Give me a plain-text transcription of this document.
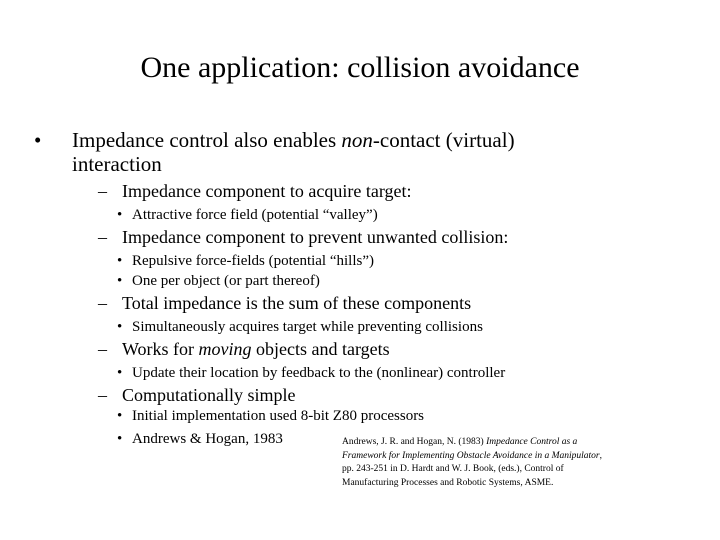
One application: collision avoidance
• Impedance control also enables non-contact (virtual)
interaction
– Impedance component to acquire target:
• Attractive force field (potential “valley”)
– Impedance component to prevent unwanted collision:
• Repulsive force-fields (potential “hills”)
• One per object (or part thereof)
– Total impedance is the sum of these components
• Simultaneously acquires target while preventing collisions
– Works for moving objects and targets
• Update their location by feedback to the (nonlinear) controller
– Computationally simple
• Initial implementation used 8-bit Z80 processors
• Andrews & Hogan, 1983	Andrews, J. R. and Hogan, N. (1983) Impedance Control as a
Framework for Implementing Obstacle Avoidance in a Manipulator,
pp. 243-251 in D. Hardt and W. J. Book, (eds.), Control of
Manufacturing Processes and Robotic Systems, ASME.
